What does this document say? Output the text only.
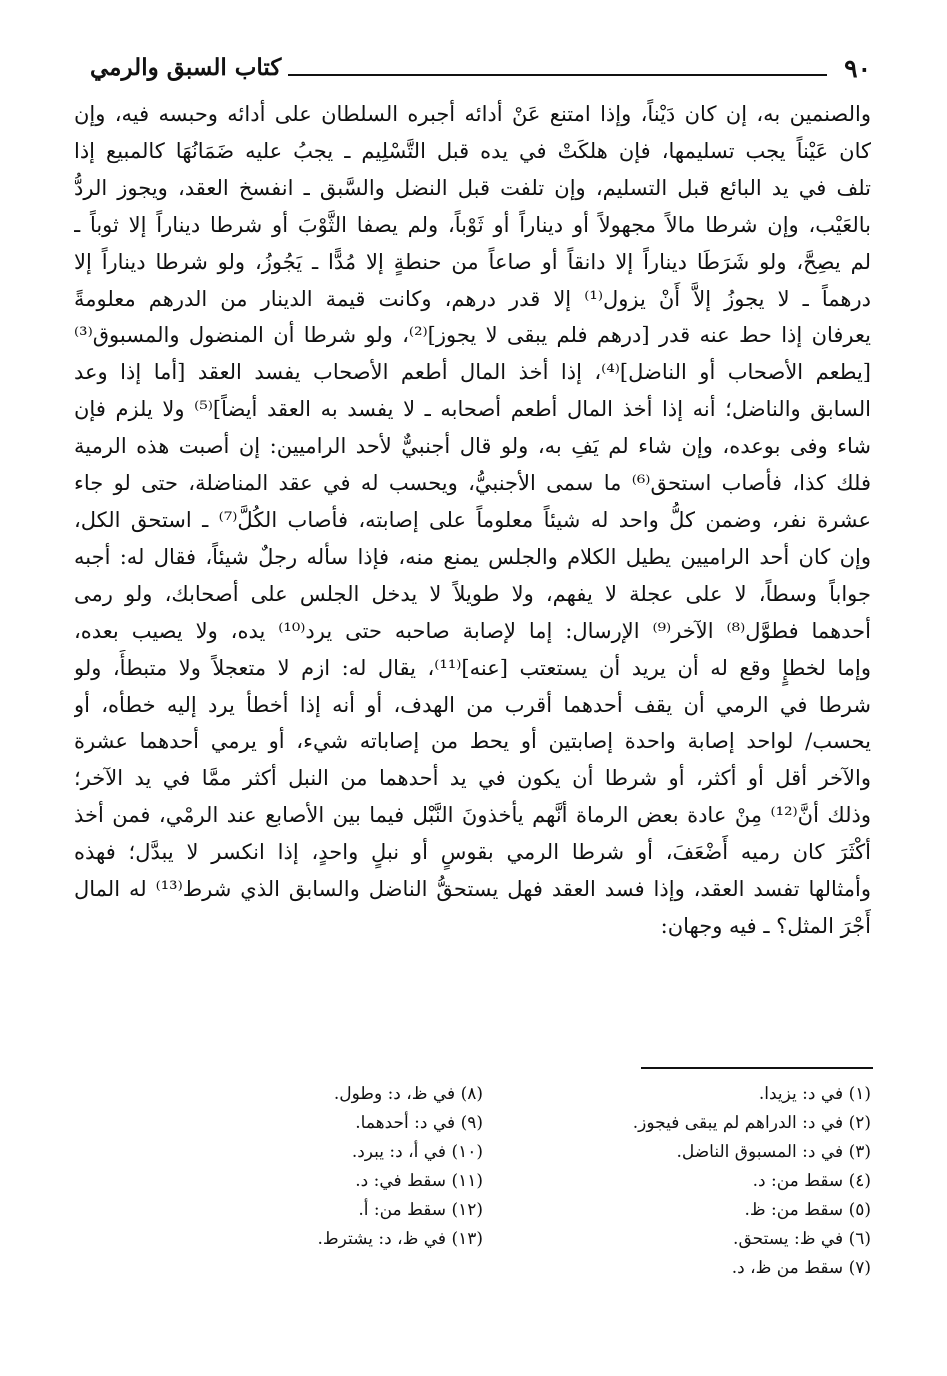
٩٠
كتاب السبق والرمي
والصنمين به، إن كان دَيْناً، وإذا امتنع عَنْ أدائه أجبره السلطان على أدائه وحبسه فيه، وإن
كان عَيْناً يجب تسليمها، فإن هلكَتْ في يده قبل التَّسْلِيم ـ يجبُ عليه ضَمَانُهَا كالمبيع إذا
تلف في يد البائع قبل التسليم، وإن تلفت قبل النضل والسَّبق ـ انفسخ العقد، ويجوز الردُّ
بالعَيْب، وإن شرطا مالاً مجهولاً أو ديناراً أو ثَوْباً، ولم يصفا الثَّوْبَ أو شرطا ديناراً إلا ثوباً ـ
لم يصِحَّ، ولو شَرَطَا ديناراً إلا دانقاً أو صاعاً من حنطةٍ إلا مُدًّا ـ يَجُوزُ، ولو شرطا ديناراً إلا
درهماً ـ لا يجوزُ إلاَّ أَنْ يزول⁽¹⁾ إلا قدر درهم، وكانت قيمة الدينار من الدرهم معلومةً
يعرفان إذا حط عنه قدر [درهم فلم يبقى لا يجوز]⁽²⁾، ولو شرطا أن المنضول والمسبوق⁽³⁾
[يطعم الأصحاب أو الناضل]⁽⁴⁾، إذا أخذ المال أطعم الأصحاب يفسد العقد [أما إذا وعد
السابق والناضل؛ أنه إذا أخذ المال أطعم أصحابه ـ لا يفسد به العقد أيضاً]⁽⁵⁾ ولا يلزم فإن
شاء وفى بوعده، وإن شاء لم يَفِ به، ولو قال أجنبيٌّ لأحد الراميين: إن أصبت هذه الرمية
فلك كذا، فأصاب استحق⁽⁶⁾ ما سمى الأجنبيُّ، ويحسب له في عقد المناضلة، حتى لو جاء
عشرة نفر، وضمن كلُّ واحد له شيئاً معلوماً على إصابته، فأصاب الكُلَّ⁽⁷⁾ ـ استحق الكل،
وإن كان أحد الراميين يطيل الكلام والجلس يمنع منه، فإذا سأله رجلٌ شيئاً، فقال له: أجبه
جواباً وسطاً، لا على عجلة لا يفهم، ولا طويلاً لا يدخل الجلس على أصحابك، ولو رمى
أحدهما فطوَّل⁽⁸⁾ الآخر⁽⁹⁾ الإرسال: إما لإصابة صاحبه حتى يرد⁽¹⁰⁾ يده، ولا يصيب بعده،
وإما لخطإٍ وقع له أن يريد أن يستعتب [عنه]⁽¹¹⁾، يقال له: ازم لا متعجلاً ولا متبطأً، ولو
شرطا في الرمي أن يقف أحدهما أقرب من الهدف، أو أنه إذا أخطأ يرد إليه خطأه، أو
يحسب/ لواحد إصابة واحدة إصابتين أو يحط من إصاباته شيء، أو يرمي أحدهما عشرة
والآخر أقل أو أكثر، أو شرطا أن يكون في يد أحدهما من النبل أكثر ممَّا في يد الآخر؛
وذلك أنَّ⁽¹²⁾ مِنْ عادة بعض الرماة أنَّهم يأخذونَ النَّبْل فيما بين الأصابع عند الرمْي، فمن أخذ
أكْثَرَ كان رميه أَضْعَفَ، أو شرطا الرمي بقوسٍ أو نبلٍ واحدٍ، إذا انكسر لا يبدَّل؛ فهذه
وأمثالها تفسد العقد، وإذا فسد العقد فهل يستحقُّ الناضل والسابق الذي شرط⁽¹³⁾ له المال
أَجْرَ المثل؟ ـ فيه وجهان:
(١) في د: يزيدا.
(٢) في د: الدراهم لم يبقى فيجوز.
(٣) في د: المسبوق الناضل.
(٤) سقط من: د.
(٥) سقط من: ظ.
(٦) في ظ: يستحق.
(٧) سقط من ظ، د.
(٨) في ظ، د: وطول.
(٩) في د: أحدهما.
(١٠) في أ، د: يبرد.
(١١) سقط في: د.
(١٢) سقط من: أ.
(١٣) في ظ، د: يشترط.
